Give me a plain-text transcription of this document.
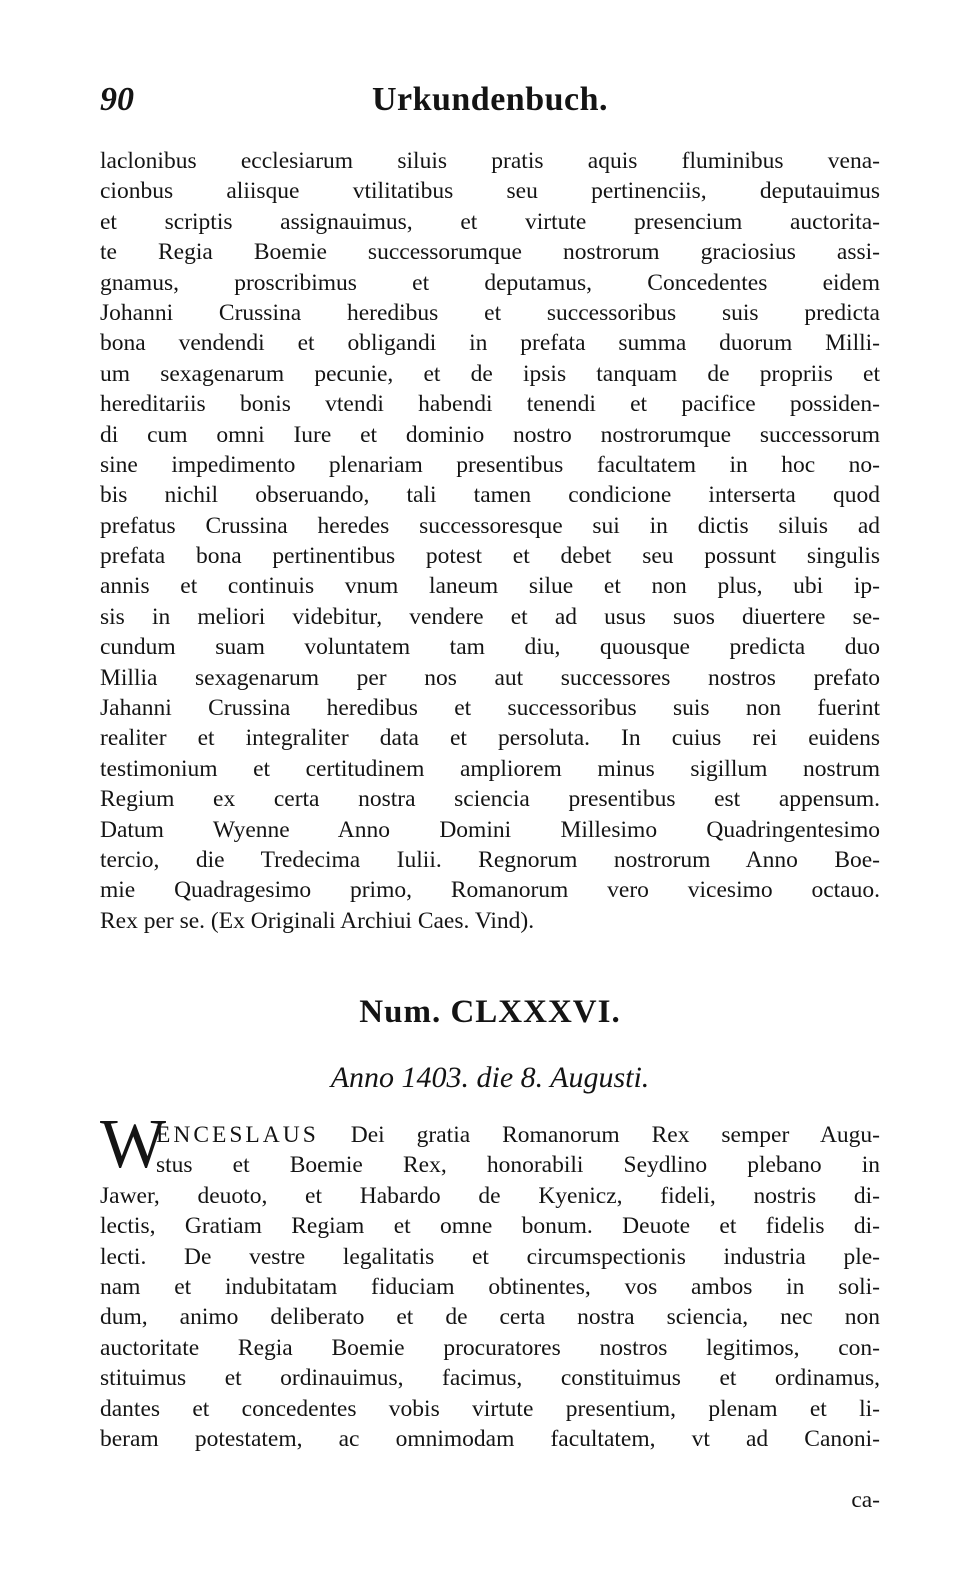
90	Urkundenbuch.
laclonibus ecclesiarum siluis pratis aquis fluminibus vena-
cionbus aliisque vtilitatibus seu pertinenciis, deputauimus
et scriptis assignauimus, et virtute presencium auctorita-
te Regia Boemie successorumque nostrorum graciosius assi-
gnamus, proscribimus et deputamus, Concedentes eidem
Johanni Crussina heredibus et successoribus suis predicta
bona vendendi et obligandi in prefata summa duorum Milli-
um sexagenarum pecunie, et de ipsis tanquam de propriis et
hereditariis bonis vtendi habendi tenendi et pacifice possiden-
di cum omni Iure et dominio nostro nostrorumque successorum
sine impedimento plenariam presentibus facultatem in hoc no-
bis nichil obseruando, tali tamen condicione interserta quod
prefatus Crussina heredes successoresque sui in dictis siluis ad
prefata bona pertinentibus potest et debet seu possunt singulis
annis et continuis vnum laneum silue et non plus, ubi ip-
sis in meliori videbitur, vendere et ad usus suos diuertere se-
cundum suam voluntatem tam diu, quousque predicta duo
Millia sexagenarum per nos aut successores nostros prefato
Jahanni Crussina heredibus et successoribus suis non fuerint
realiter et integraliter data et persoluta. In cuius rei euidens
testimonium et certitudinem ampliorem minus sigillum nostrum
Regium ex certa nostra sciencia presentibus est appensum.
Datum Wyenne Anno Domini Millesimo Quadringentesimo
tercio, die Tredecima Iulii. Regnorum nostrorum Anno Boe-
mie Quadragesimo primo, Romanorum vero vicesimo octauo.
Rex per se. (Ex Originali Archiui Caes. Vind).
Num. CLXXXVI.
Anno 1403. die 8. Augusti.
W
ENCESLAUS Dei gratia Romanorum Rex semper Augu-
stus et Boemie Rex, honorabili Seydlino plebano in
Jawer, deuoto, et Habardo de Kyenicz, fideli, nostris di-
lectis, Gratiam Regiam et omne bonum. Deuote et fidelis di-
lecti. De vestre legalitatis et circumspectionis industria ple-
nam et indubitatam fiduciam obtinentes, vos ambos in soli-
dum, animo deliberato et de certa nostra sciencia, nec non
auctoritate Regia Boemie procuratores nostros legitimos, con-
stituimus et ordinauimus, facimus, constituimus et ordinamus,
dantes et concedentes vobis virtute presentium, plenam et li-
beram potestatem, ac omnimodam facultatem, vt ad Canoni-
ca-
